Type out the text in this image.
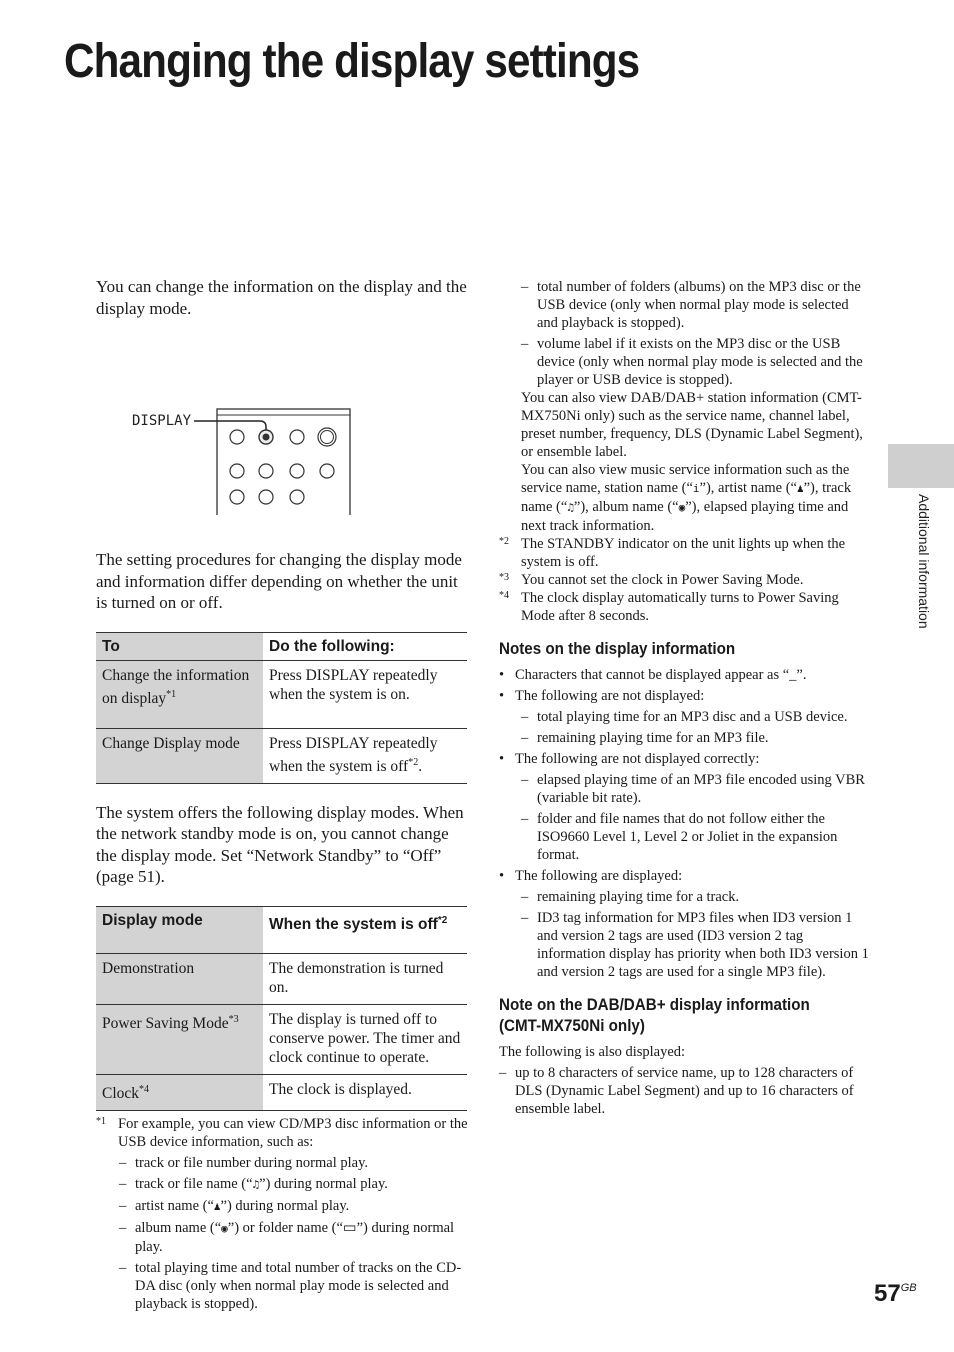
Changing the display settings
Additional information
$57^{GB}$

You can change the information on the display and the display mode.

DISPLAY

The setting procedures for changing the display mode and information differ depending on whether the unit is turned on or off.

To	Do the following:
Change the information on display$^{*1}$	Press DISPLAY repeatedly when the system is on.
Change Display mode	Press DISPLAY repeatedly when the system is off$^{*2}$.

The system offers the following display modes. When the network standby mode is on, you cannot change the display mode. Set “Network Standby” to “Off” (page 51).

Display mode	When the system is off$^{*2}$
Demonstration	The demonstration is turned on.
Power Saving Mode$^{*3}$	The display is turned off to conserve power. The timer and clock continue to operate.
Clock$^{*4}$	The clock is displayed.
*1 For example, you can view CD/MP3 disc information or the USB device information, such as:
– track or file number during normal play.
– track or file name (“♫”) during normal play.
– artist name (“♟”) during normal play.
– album name (“◉”) or folder name (“▭”) during normal play.
– total playing time and total number of tracks on the CD-DA disc (only when normal play mode is selected and playback is stopped).
– total number of folders (albums) on the MP3 disc or the USB device (only when normal play mode is selected and playback is stopped).
– volume label if it exists on the MP3 disc or the USB device (only when normal play mode is selected and the player or USB device is stopped).
You can also view DAB/DAB+ station information (CMT-MX750Ni only) such as the service name, channel label, preset number, frequency, DLS (Dynamic Label Segment), or ensemble label.
You can also view music service information such as the service name, station name (“i”), artist name (“♟”), track name (“♫”), album name (“◉”), elapsed playing time and next track information.
*2 The STANDBY indicator on the unit lights up when the system is off.
*3 You cannot set the clock in Power Saving Mode.
*4 The clock display automatically turns to Power Saving Mode after 8 seconds.
Notes on the display information
• Characters that cannot be displayed appear as “_”.
• The following are not displayed:
– total playing time for an MP3 disc and a USB device.
– remaining playing time for an MP3 file.
• The following are not displayed correctly:
– elapsed playing time of an MP3 file encoded using VBR (variable bit rate).
– folder and file names that do not follow either the ISO9660 Level 1, Level 2 or Joliet in the expansion format.
• The following are displayed:
– remaining playing time for a track.
– ID3 tag information for MP3 files when ID3 version 1 and version 2 tags are used (ID3 version 2 tag information display has priority when both ID3 version 1 and version 2 tags are used for a single MP3 file).
Note on the DAB/DAB+ display information (CMT-MX750Ni only)
The following is also displayed:
– up to 8 characters of service name, up to 128 characters of DLS (Dynamic Label Segment) and up to 16 characters of ensemble label.
